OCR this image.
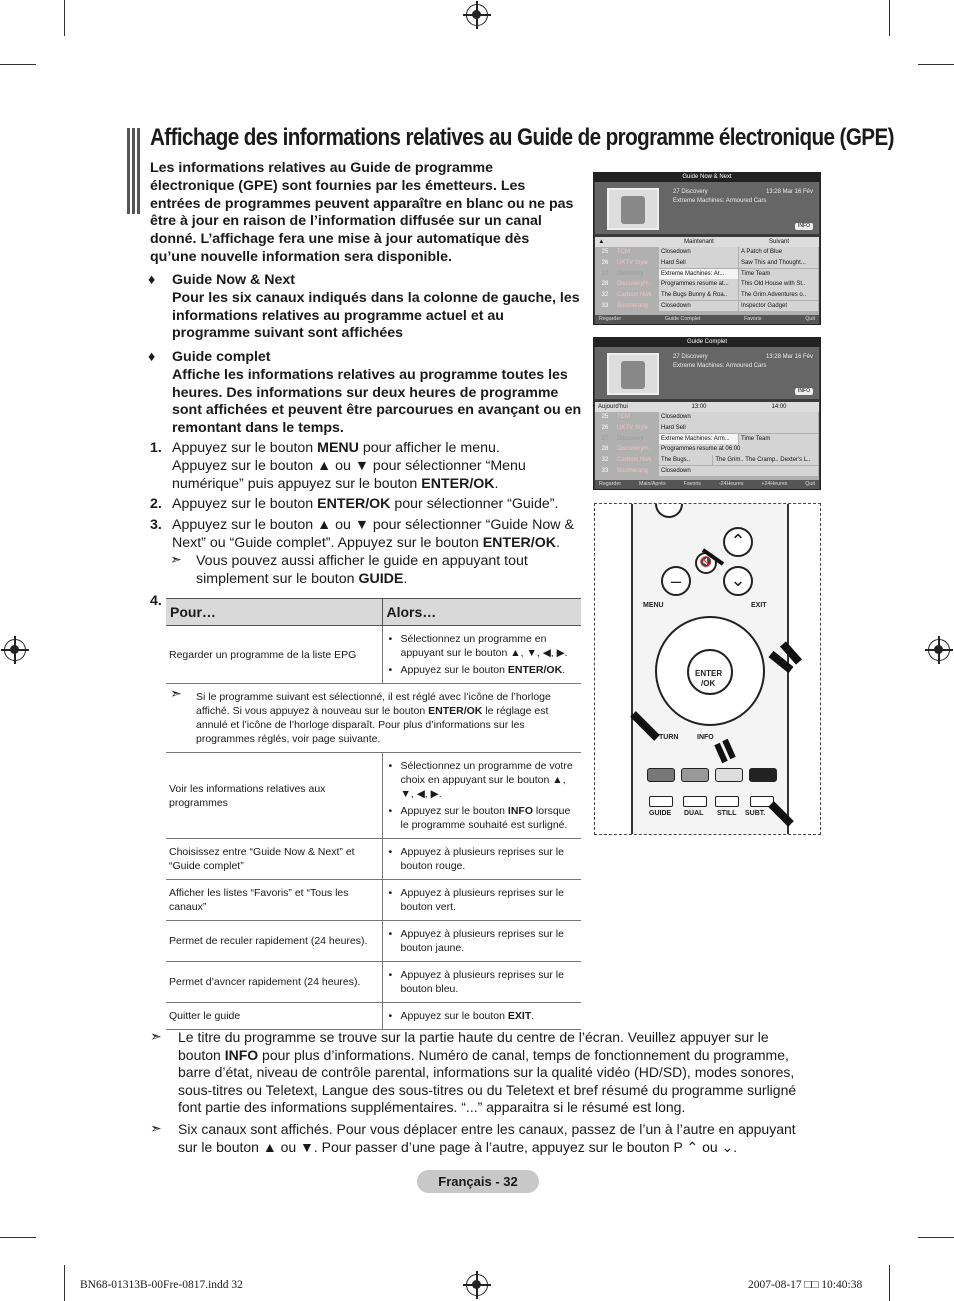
Affichage des informations relatives au Guide de programme électronique (GPE)

Les informations relatives au Guide de programme électronique (GPE) sont fournies par les émetteurs. Les entrées de programmes peuvent apparaître en blanc ou ne pas être à jour en raison de l’information diffusée sur un canal donné. L’affichage fera une mise à jour automatique dès qu’une nouvelle information sera disponible.

♦ Guide Now & Next
Pour les six canaux indiqués dans la colonne de gauche, les informations relatives au programme actuel et au programme suivant sont affichées
♦ Guide complet
Affiche les informations relatives au programme toutes les heures. Des informations sur deux heures de programme sont affichées et peuvent être parcourues en avançant ou en remontant dans le temps.
1. Appuyez sur le bouton MENU pour afficher le menu.
Appuyez sur le bouton ▲ ou ▼ pour sélectionner “Menu numérique” puis appuyez sur le bouton ENTER/OK.
2. Appuyez sur le bouton ENTER/OK pour sélectionner “Guide”.
3. Appuyez sur le bouton ▲ ou ▼ pour sélectionner “Guide Now & Next” ou “Guide complet”. Appuyez sur le bouton ENTER/OK.
➣ Vous pouvez aussi afficher le guide en appuyant tout simplement sur le bouton GUIDE.
4.
Pour…	Alors…
Regarder un programme de la liste EPG	• Sélectionnez un programme en appuyant sur le bouton ▲, ▼, ◀, ▶.
• Appuyez sur le bouton ENTER/OK.

➣ Si le programme suivant est sélectionné, il est réglé avec l’icône de l’horloge affiché. Si vous appuyez à nouveau sur le bouton ENTER/OK le réglage est annulé et l’icône de l’horloge disparaît. Pour plus d’informations sur les programmes réglés, voir page suivante.	
Voir les informations relatives aux programmes	• Sélectionnez un programme de votre choix en appuyant sur le bouton ▲, ▼, ◀, ▶.
• Appuyez sur le bouton INFO lorsque le programme souhaité est surligné.

Choisissez entre “Guide Now & Next” et “Guide complet”	• Appuyez à plusieurs reprises sur le bouton rouge.

Afficher les listes “Favoris” et “Tous les canaux”	• Appuyez à plusieurs reprises sur le bouton vert.

Permet de reculer rapidement (24 heures).	• Appuyez à plusieurs reprises sur le bouton jaune.

Permet d’avncer rapidement (24 heures).	• Appuyez à plusieurs reprises sur le bouton bleu.

Quitter le guide	• Appuyez sur le bouton EXIT.
Guide Now & Next
13:28 Mar 16 Fév
27 Discovery
Extreme Machines: Armoured Cars
INFO
▲	Maintenant	Suivant
25	TCM	Closedown	A Patch of Blue
26	UKTV Style	Hard Sell	Saw This and Thought...
27	Discovery	Extreme Machines: Ar...	Time Team
28	DiscoveryH..	Programmes resume at...	This Old House with St..
32	Cartoon Nwk	The Bugs Bunny & Roa..	The Grim Adventures o..
33	Boomerang	Closedown	Inspector Gadget
Regarder	Guide Complet	Favoris	Quit
Guide Complet
13:28 Mar 16 Fév
27 Discovery
Extreme Machines: Armoured Cars
INFO
Aujourd'hui	13:00	14:00
25	TCM	Closedown
26	UKTV Style	Hard Sell
27	Discovery	Extreme Machines: Arm...	Time Team
28	DiscoveryH..	Programmes resume at 06:00
32	Cartoon Nwk	The Bugs..	The Grim.. The Cramp.. Dexter's L..
33	Boomerang	Closedown
Regarder	Main/Après	Favoris	-24Heures	+24Heures	Quit
⌃
⌄
–
🔇
MENU	EXIT
ENTER
/OK
TURN	INFO
GUIDE DUAL STILL SUBT.
➣ Le titre du programme se trouve sur la partie haute du centre de l’écran. Veuillez appuyer sur le bouton INFO pour plus d’informations. Numéro de canal, temps de fonctionnement du programme, barre d’état, niveau de contrôle parental, informations sur la qualité vidéo (HD/SD), modes sonores, sous-titres ou Teletext, Langue des sous-titres ou du Teletext et bref résumé du programme surligné font partie des informations supplémentaires. “...” apparaitra si le résumé est long.
➣ Six canaux sont affichés. Pour vous déplacer entre les canaux, passez de l’un à l’autre en appuyant sur le bouton ▲ ou ▼. Pour passer d’une page à l’autre, appuyez sur le bouton P ⌃ ou ⌄.
Français - 32
BN68-01313B-00Fre-0817.indd 32	2007-08-17 □□ 10:40:38
